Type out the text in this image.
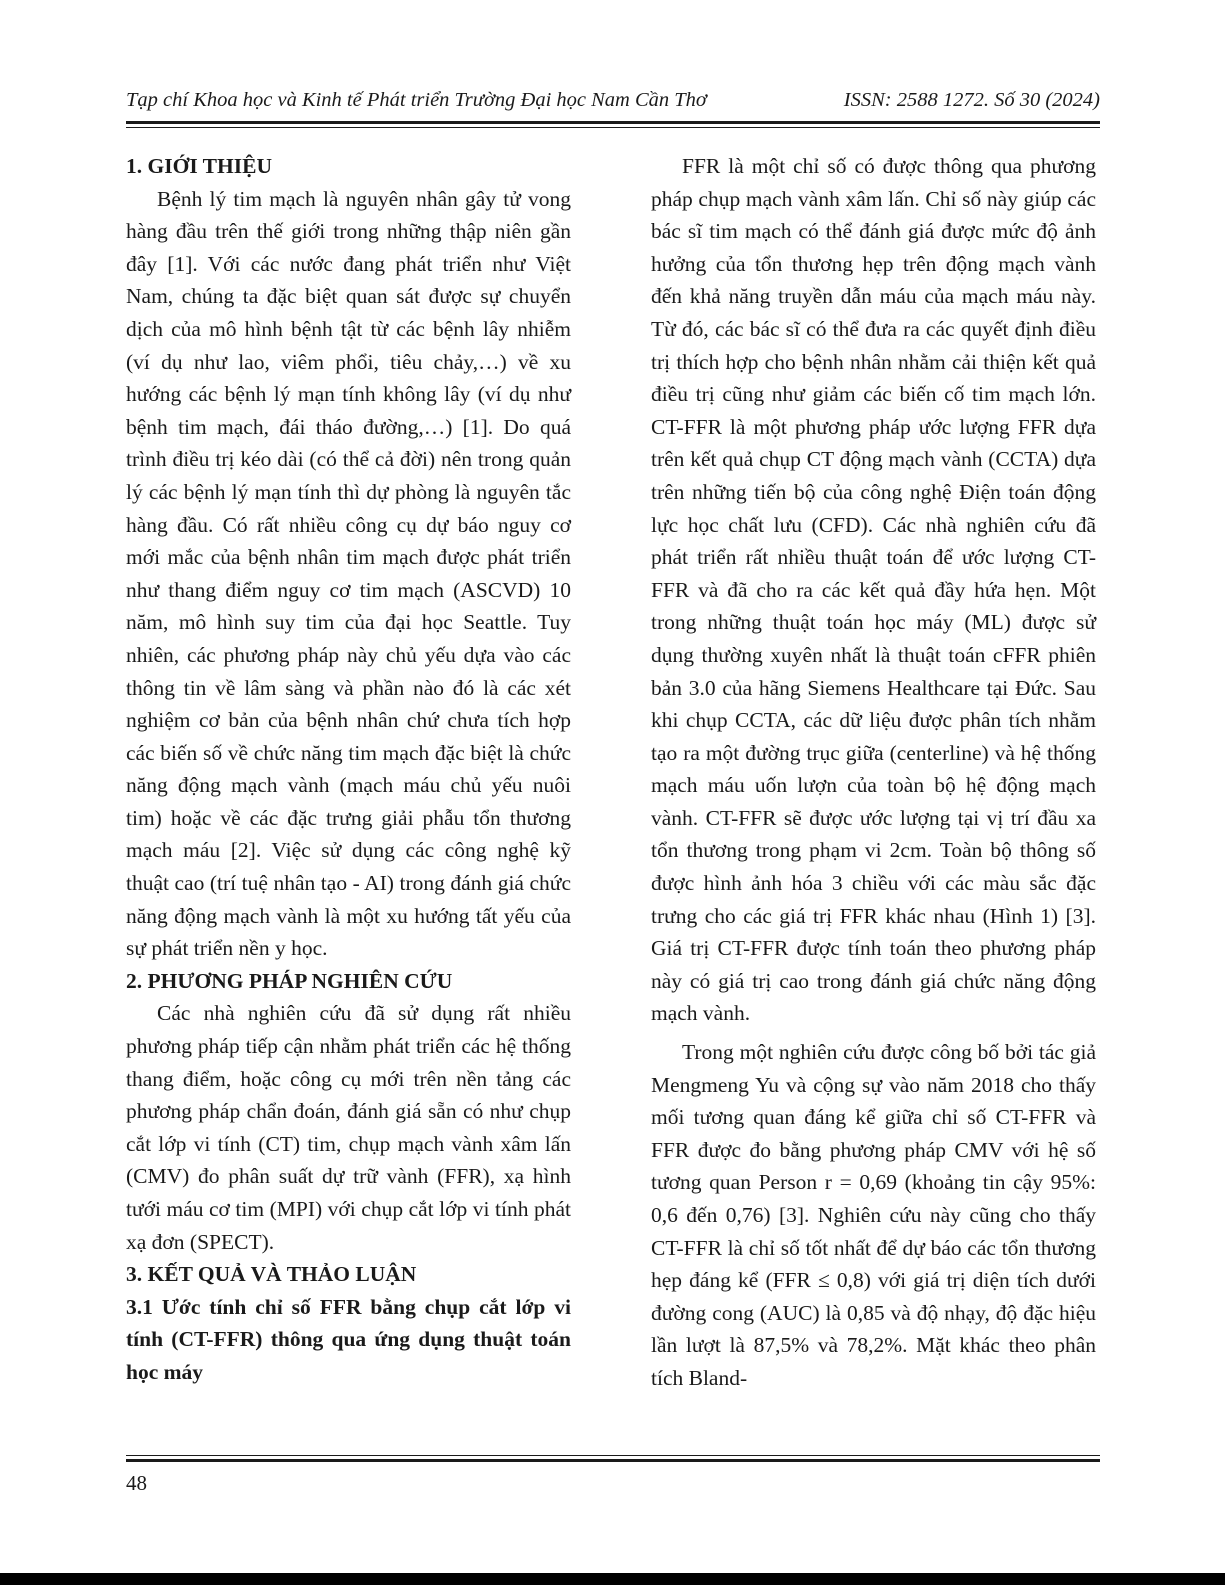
Tạp chí Khoa học và Kinh tế Phát triển Trường Đại học Nam Cần Thơ	ISSN: 2588 1272. Số 30 (2024)
1. GIỚI THIỆU

Bệnh lý tim mạch là nguyên nhân gây tử vong hàng đầu trên thế giới trong những thập niên gần đây [1]. Với các nước đang phát triển như Việt Nam, chúng ta đặc biệt quan sát được sự chuyển dịch của mô hình bệnh tật từ các bệnh lây nhiễm (ví dụ như lao, viêm phổi, tiêu chảy,…) về xu hướng các bệnh lý mạn tính không lây (ví dụ như bệnh tim mạch, đái tháo đường,…) [1]. Do quá trình điều trị kéo dài (có thể cả đời) nên trong quản lý các bệnh lý mạn tính thì dự phòng là nguyên tắc hàng đầu. Có rất nhiều công cụ dự báo nguy cơ mới mắc của bệnh nhân tim mạch được phát triển như thang điểm nguy cơ tim mạch (ASCVD) 10 năm, mô hình suy tim của đại học Seattle. Tuy nhiên, các phương pháp này chủ yếu dựa vào các thông tin về lâm sàng và phần nào đó là các xét nghiệm cơ bản của bệnh nhân chứ chưa tích hợp các biến số về chức năng tim mạch đặc biệt là chức năng động mạch vành (mạch máu chủ yếu nuôi tim) hoặc về các đặc trưng giải phẫu tổn thương mạch máu [2]. Việc sử dụng các công nghệ kỹ thuật cao (trí tuệ nhân tạo - AI) trong đánh giá chức năng động mạch vành là một xu hướng tất yếu của sự phát triển nền y học.

2. PHƯƠNG PHÁP NGHIÊN CỨU

Các nhà nghiên cứu đã sử dụng rất nhiều phương pháp tiếp cận nhằm phát triển các hệ thống thang điểm, hoặc công cụ mới trên nền tảng các phương pháp chẩn đoán, đánh giá sẵn có như chụp cắt lớp vi tính (CT) tim, chụp mạch vành xâm lấn (CMV) đo phân suất dự trữ vành (FFR), xạ hình tưới máu cơ tim (MPI) với chụp cắt lớp vi tính phát xạ đơn (SPECT).

3. KẾT QUẢ VÀ THẢO LUẬN
3.1 Ước tính chỉ số FFR bằng chụp cắt lớp vi tính (CT-FFR) thông qua ứng dụng thuật toán học máy

FFR là một chỉ số có được thông qua phương pháp chụp mạch vành xâm lấn. Chỉ số này giúp các bác sĩ tim mạch có thể đánh giá được mức độ ảnh hưởng của tổn thương hẹp trên động mạch vành đến khả năng truyền dẫn máu của mạch máu này. Từ đó, các bác sĩ có thể đưa ra các quyết định điều trị thích hợp cho bệnh nhân nhằm cải thiện kết quả điều trị cũng như giảm các biến cố tim mạch lớn. CT-FFR là một phương pháp ước lượng FFR dựa trên kết quả chụp CT động mạch vành (CCTA) dựa trên những tiến bộ của công nghệ Điện toán động lực học chất lưu (CFD). Các nhà nghiên cứu đã phát triển rất nhiều thuật toán để ước lượng CT-FFR và đã cho ra các kết quả đầy hứa hẹn. Một trong những thuật toán học máy (ML) được sử dụng thường xuyên nhất là thuật toán cFFR phiên bản 3.0 của hãng Siemens Healthcare tại Đức. Sau khi chụp CCTA, các dữ liệu được phân tích nhằm tạo ra một đường trục giữa (centerline) và hệ thống mạch máu uốn lượn của toàn bộ hệ động mạch vành. CT-FFR sẽ được ước lượng tại vị trí đầu xa tổn thương trong phạm vi 2cm. Toàn bộ thông số được hình ảnh hóa 3 chiều với các màu sắc đặc trưng cho các giá trị FFR khác nhau (Hình 1) [3]. Giá trị CT-FFR được tính toán theo phương pháp này có giá trị cao trong đánh giá chức năng động mạch vành.

Trong một nghiên cứu được công bố bởi tác giả Mengmeng Yu và cộng sự vào năm 2018 cho thấy mối tương quan đáng kể giữa chỉ số CT-FFR và FFR được đo bằng phương pháp CMV với hệ số tương quan Person r = 0,69 (khoảng tin cậy 95%: 0,6 đến 0,76) [3]. Nghiên cứu này cũng cho thấy CT-FFR là chỉ số tốt nhất để dự báo các tổn thương hẹp đáng kể (FFR ≤ 0,8) với giá trị diện tích dưới đường cong (AUC) là 0,85 và độ nhạy, độ đặc hiệu lần lượt là 87,5% và 78,2%. Mặt khác theo phân tích Bland-

48
